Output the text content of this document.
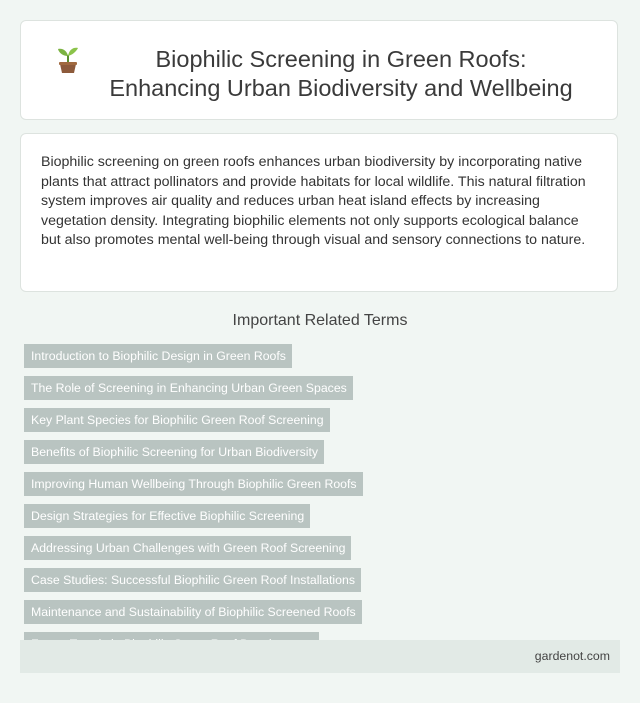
Biophilic Screening in Green Roofs: Enhancing Urban Biodiversity and Wellbeing

Biophilic screening on green roofs enhances urban biodiversity by incorporating native plants that attract pollinators and provide habitats for local wildlife. This natural filtration system improves air quality and reduces urban heat island effects by increasing vegetation density. Integrating biophilic elements not only supports ecological balance but also promotes mental well-being through visual and sensory connections to nature.

Important Related Terms
Introduction to Biophilic Design in Green Roofs
The Role of Screening in Enhancing Urban Green Spaces
Key Plant Species for Biophilic Green Roof Screening
Benefits of Biophilic Screening for Urban Biodiversity
Improving Human Wellbeing Through Biophilic Green Roofs
Design Strategies for Effective Biophilic Screening
Addressing Urban Challenges with Green Roof Screening
Case Studies: Successful Biophilic Green Roof Installations
Maintenance and Sustainability of Biophilic Screened Roofs
gardenot.com
